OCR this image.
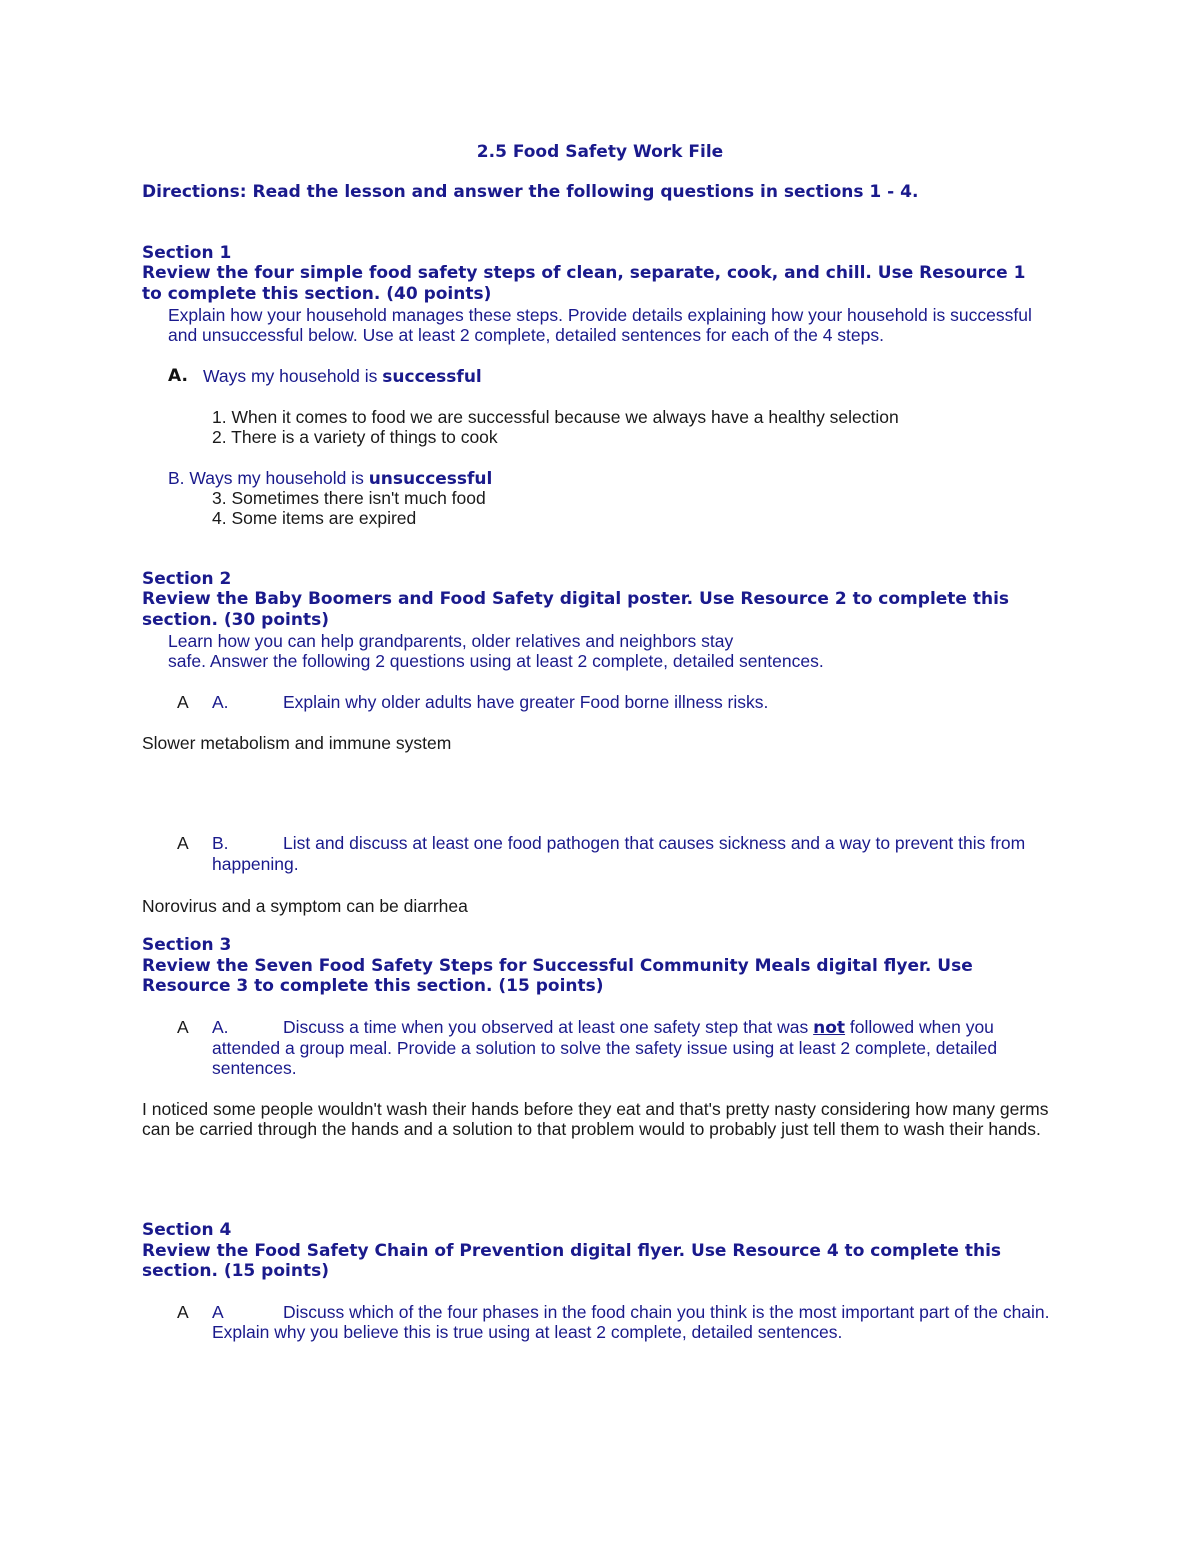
2.5 Food Safety Work File
Directions: Read the lesson and answer the following questions in sections 1 - 4.
Section 1
Review the four simple food safety steps of clean, separate, cook, and chill. Use Resource 1
to complete this section. (40 points)
Explain how your household manages these steps. Provide details explaining how your household is successful
and unsuccessful below. Use at least 2 complete, detailed sentences for each of the 4 steps.
A. Ways my household is successful
1. When it comes to food we are successful because we always have a healthy selection
2. There is a variety of things to cook
B. Ways my household is unsuccessful
3. Sometimes there isn't much food
4. Some items are expired
Section 2
Review the Baby Boomers and Food Safety digital poster. Use Resource 2 to complete this
section. (30 points)
Learn how you can help grandparents, older relatives and neighbors stay
safe. Answer the following 2 questions using at least 2 complete, detailed sentences.
A A.	Explain why older adults have greater Food borne illness risks.
Slower metabolism and immune system
A B.	List and discuss at least one food pathogen that causes sickness and a way to prevent this from
happening.
Norovirus and a symptom can be diarrhea
Section 3
Review the Seven Food Safety Steps for Successful Community Meals digital flyer. Use
Resource 3 to complete this section. (15 points)
A A.	Discuss a time when you observed at least one safety step that was not followed when you
attended a group meal. Provide a solution to solve the safety issue using at least 2 complete, detailed
sentences.
I noticed some people wouldn't wash their hands before they eat and that's pretty nasty considering how many germs
can be carried through the hands and a solution to that problem would to probably just tell them to wash their hands.
Section 4
Review the Food Safety Chain of Prevention digital flyer. Use Resource 4 to complete this
section. (15 points)
A A	Discuss which of the four phases in the food chain you think is the most important part of the chain.
Explain why you believe this is true using at least 2 complete, detailed sentences.
